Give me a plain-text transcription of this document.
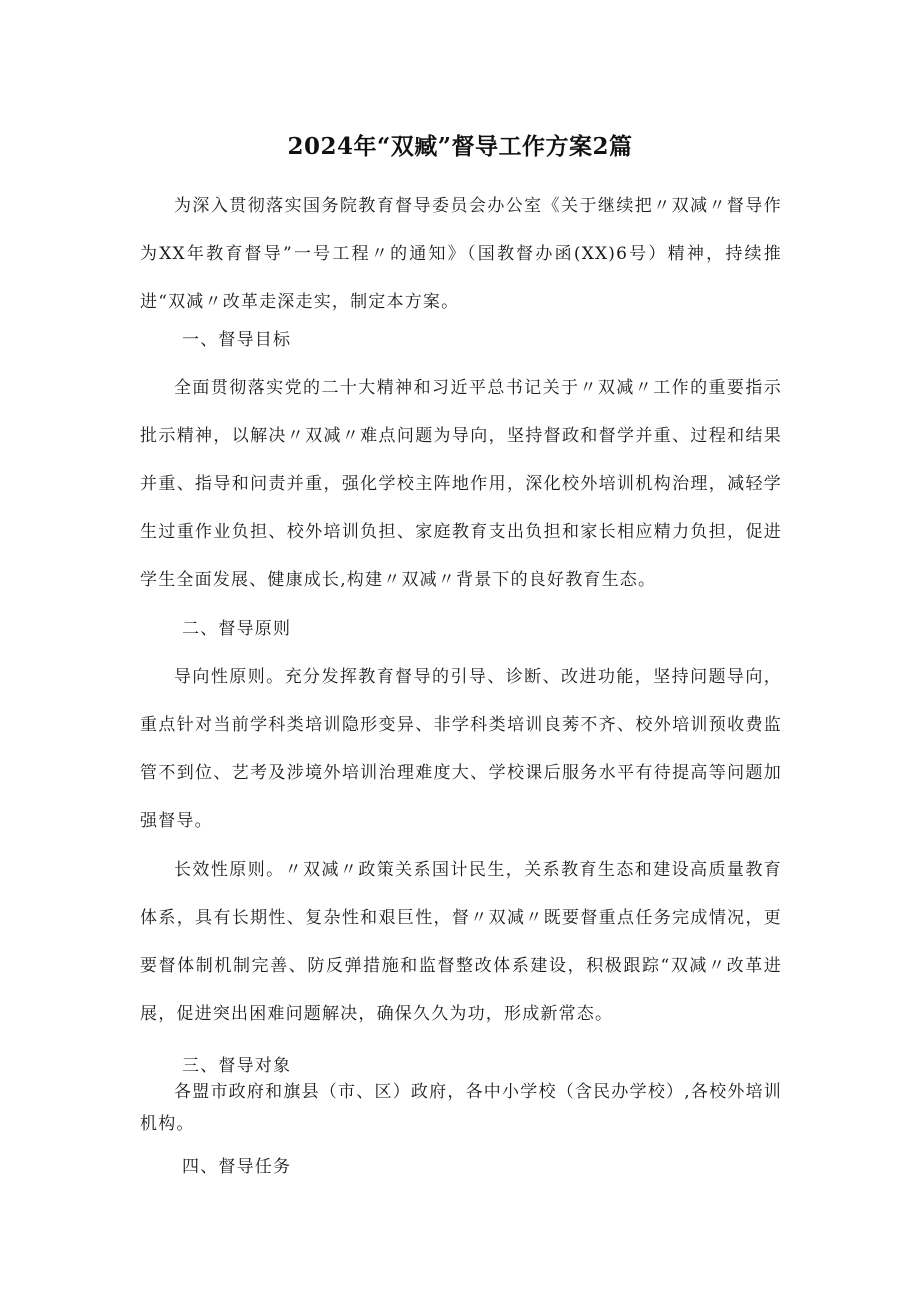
2024年“双臧”督导工作方案2篇

为深入贯彻落实国务院教育督导委员会办公室《关于继续把〃双减〃督导作为XX年教育督导”一号工程〃的通知》（国教督办函(XX)6号）精神，持续推进“双减〃改革走深走实，制定本方案。

一、督导目标

全面贯彻落实党的二十大精神和习近平总书记关于〃双减〃工作的重要指示批示精神，以解决〃双减〃难点问题为导向，坚持督政和督学并重、过程和结果并重、指导和问责并重，强化学校主阵地作用，深化校外培训机构治理，减轻学生过重作业负担、校外培训负担、家庭教育支出负担和家长相应精力负担，促进学生全面发展、健康成长,构建〃双减〃背景下的良好教育生态。

二、督导原则

导向性原则。充分发挥教育督导的引导、诊断、改进功能，坚持问题导向，重点针对当前学科类培训隐形变异、非学科类培训良莠不齐、校外培训预收费监管不到位、艺考及涉境外培训治理难度大、学校课后服务水平有待提高等问题加强督导。

长效性原则。〃双减〃政策关系国计民生，关系教育生态和建设高质量教育体系，具有长期性、复杂性和艰巨性，督〃双减〃既要督重点任务完成情况，更要督体制机制完善、防反弹措施和监督整改体系建设，积极跟踪“双减〃改革进展，促进突出困难问题解决，确保久久为功，形成新常态。

三、督导对象

各盟市政府和旗县（市、区）政府，各中小学校（含民办学校）,各校外培训机构。

四、督导任务
